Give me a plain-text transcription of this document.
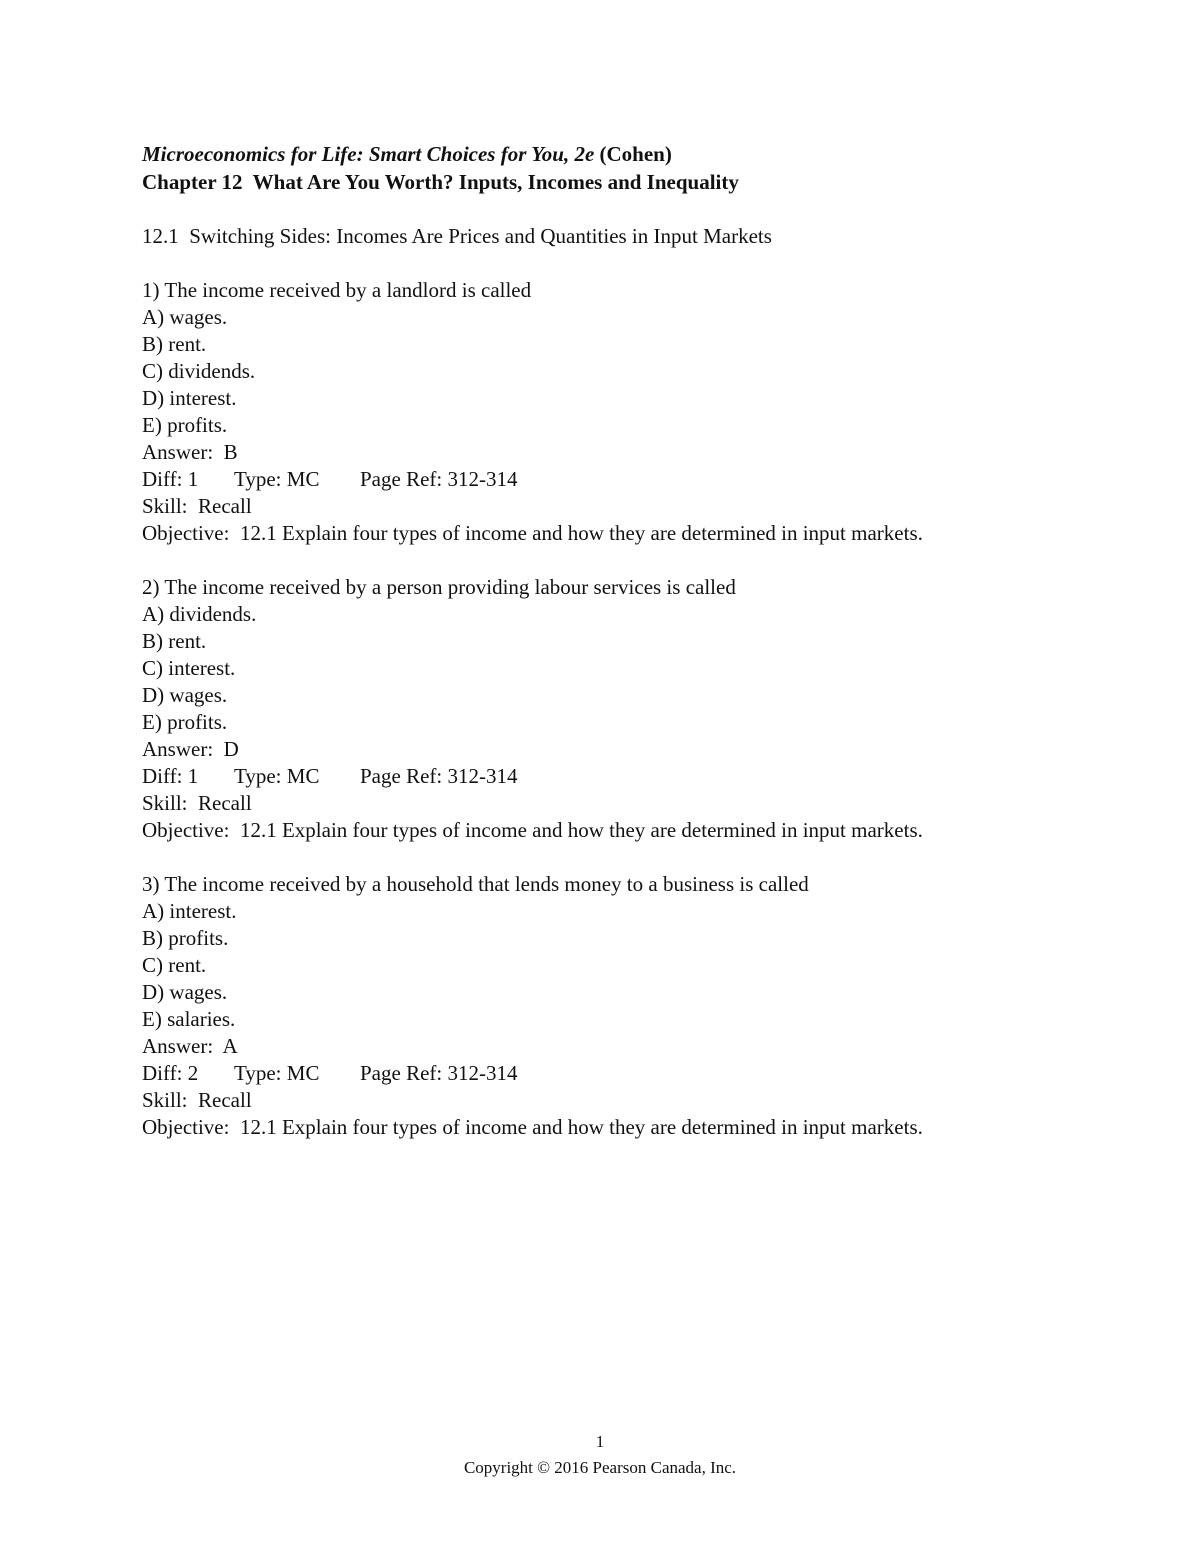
Microeconomics for Life: Smart Choices for You, 2e (Cohen)
Chapter 12  What Are You Worth? Inputs, Incomes and Inequality
12.1  Switching Sides: Incomes Are Prices and Quantities in Input Markets
1) The income received by a landlord is called
A) wages.
B) rent.
C) dividends.
D) interest.
E) profits.
Answer:  B
Diff: 1 Type: MC Page Ref: 312-314
Skill:  Recall
Objective:  12.1 Explain four types of income and how they are determined in input markets.
2) The income received by a person providing labour services is called
A) dividends.
B) rent.
C) interest.
D) wages.
E) profits.
Answer:  D
Diff: 1 Type: MC Page Ref: 312-314
Skill:  Recall
Objective:  12.1 Explain four types of income and how they are determined in input markets.
3) The income received by a household that lends money to a business is called
A) interest.
B) profits.
C) rent.
D) wages.
E) salaries.
Answer:  A
Diff: 2 Type: MC Page Ref: 312-314
Skill:  Recall
Objective:  12.1 Explain four types of income and how they are determined in input markets.
1
Copyright © 2016 Pearson Canada, Inc.
